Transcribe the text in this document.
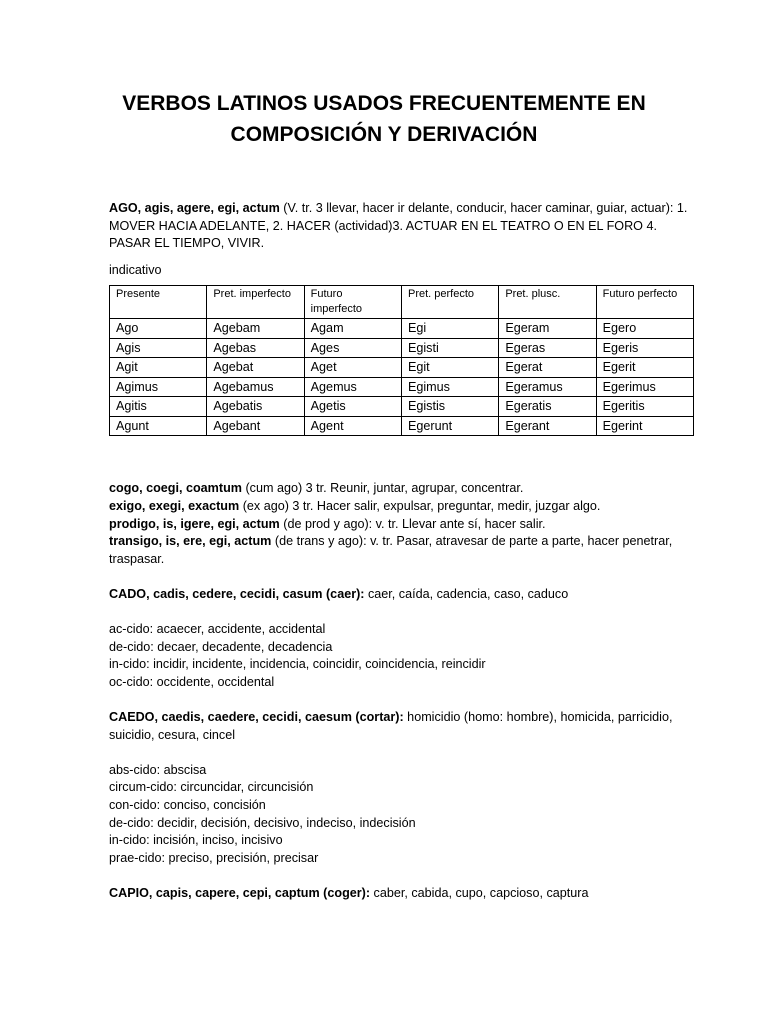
VERBOS LATINOS USADOS FRECUENTEMENTE EN
COMPOSICIÓN Y DERIVACIÓN

AGO, agis, agere, egi, actum (V. tr. 3 llevar, hacer ir delante, conducir, hacer caminar, guiar, actuar): 1. MOVER HACIA ADELANTE, 2. HACER (actividad)3. ACTUAR EN EL TEATRO O EN EL FORO 4. PASAR EL TIEMPO, VIVIR.

indicativo

Presente	Pret. imperfecto	Futuro imperfecto	Pret. perfecto	Pret. plusc.	Futuro perfecto
Ago	Agebam	Agam	Egi	Egeram	Egero
Agis	Agebas	Ages	Egisti	Egeras	Egeris
Agit	Agebat	Aget	Egit	Egerat	Egerit
Agimus	Agebamus	Agemus	Egimus	Egeramus	Egerimus
Agitis	Agebatis	Agetis	Egistis	Egeratis	Egeritis
Agunt	Agebant	Agent	Egerunt	Egerant	Egerint

cogo, coegi, coamtum (cum ago) 3 tr. Reunir, juntar, agrupar, concentrar.

exigo, exegi, exactum (ex ago) 3 tr. Hacer salir, expulsar, preguntar, medir, juzgar algo.

prodigo, is, igere, egi, actum (de prod y ago): v. tr. Llevar ante sí, hacer salir.

transigo, is, ere, egi, actum (de trans y ago): v. tr. Pasar, atravesar de parte a parte, hacer penetrar, traspasar.

CADO, cadis, cedere, cecidi, casum (caer): caer, caída, cadencia, caso, caduco

ac-cido: acaecer, accidente, accidental

de-cido: decaer, decadente, decadencia

in-cido: incidir, incidente, incidencia, coincidir, coincidencia, reincidir

oc-cido: occidente, occidental

CAEDO, caedis, caedere, cecidi, caesum (cortar): homicidio (homo: hombre), homicida, parricidio, suicidio, cesura, cincel

abs-cido: abscisa

circum-cido: circuncidar, circuncisión

con-cido: conciso, concisión

de-cido: decidir, decisión, decisivo, indeciso, indecisión

in-cido: incisión, inciso, incisivo

prae-cido: preciso, precisión, precisar

CAPIO, capis, capere, cepi, captum (coger): caber, cabida, cupo, capcioso, captura
